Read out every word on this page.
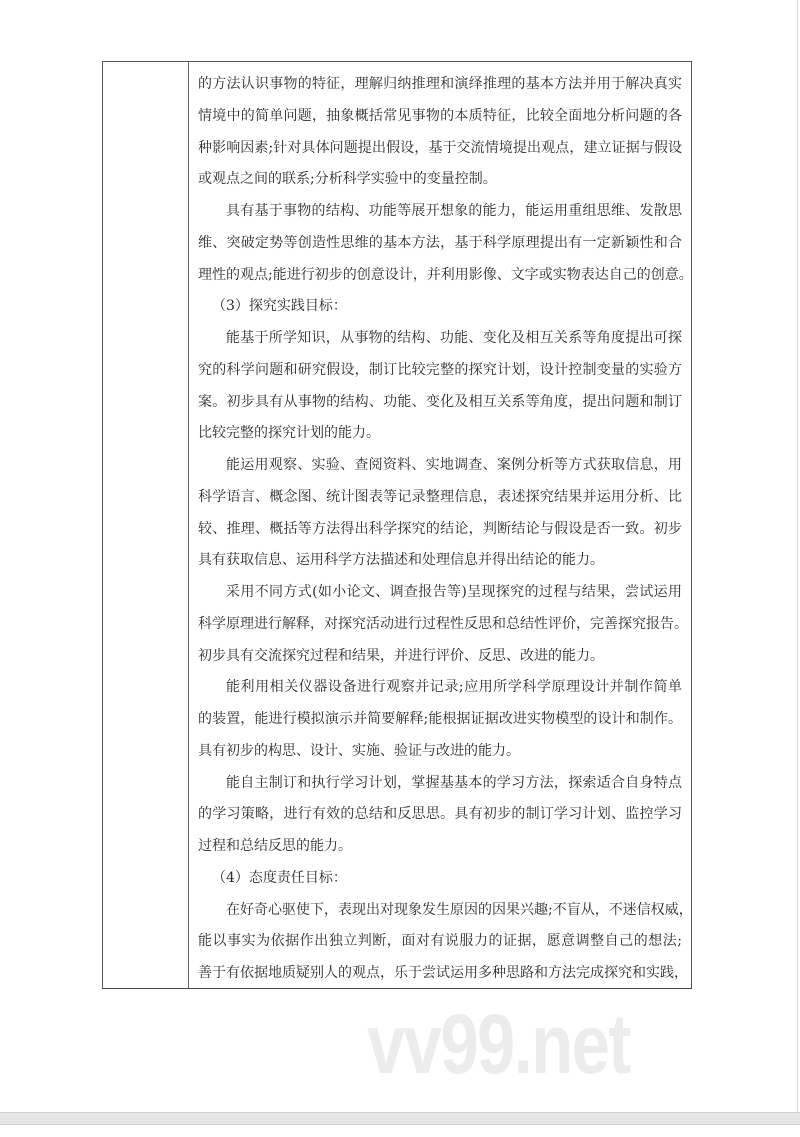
的方法认识事物的特征，理解归纳推理和演绎推理的基本方法并用于解决真实
情境中的简单问题，抽象概括常见事物的本质特征，比较全面地分析问题的各
种影响因素;针对具体问题提出假设，基于交流情境提出观点，建立证据与假设
或观点之间的联系;分析科学实验中的变量控制。
具有基于事物的结构、功能等展开想象的能力，能运用重组思维、发散思
维、突破定势等创造性思维的基本方法，基于科学原理提出有一定新颖性和合
理性的观点;能进行初步的创意设计，并利用影像、文字或实物表达自己的创意。
（3）探究实践目标：
能基于所学知识，从事物的结构、功能、变化及相互关系等角度提出可探
究的科学问题和研究假设，制订比较完整的探究计划，设计控制变量的实验方
案。初步具有从事物的结构、功能、变化及相互关系等角度，提出问题和制订
比较完整的探究计划的能力。
能运用观察、实验、查阅资料、实地调查、案例分析等方式获取信息，用
科学语言、概念图、统计图表等记录整理信息，表述探究结果并运用分析、比
较、推理、概括等方法得出科学探究的结论，判断结论与假设是否一致。初步
具有获取信息、运用科学方法描述和处理信息并得出结论的能力。
采用不同方式(如小论文、调查报告等)呈现探究的过程与结果，尝试运用
科学原理进行解释，对探究活动进行过程性反思和总结性评价，完善探究报告。
初步具有交流探究过程和结果，并进行评价、反思、改进的能力。
能利用相关仪器设备进行观察并记录;应用所学科学原理设计并制作简单
的装置，能进行模拟演示并简要解释;能根据证据改进实物模型的设计和制作。
具有初步的构思、设计、实施、验证与改进的能力。
能自主制订和执行学习计划，掌握基基本的学习方法，探索适合自身特点
的学习策略，进行有效的总结和反思思。具有初步的制订学习计划、监控学习
过程和总结反思的能力。
（4）态度责任目标：
在好奇心驱使下，表现出对现象发生原因的因果兴趣;不盲从，不迷信权威，
能以事实为依据作出独立判断，面对有说服力的证据，愿意调整自己的想法;
善于有依据地质疑别人的观点，乐于尝试运用多种思路和方法完成探究和实践，
vv99.net
